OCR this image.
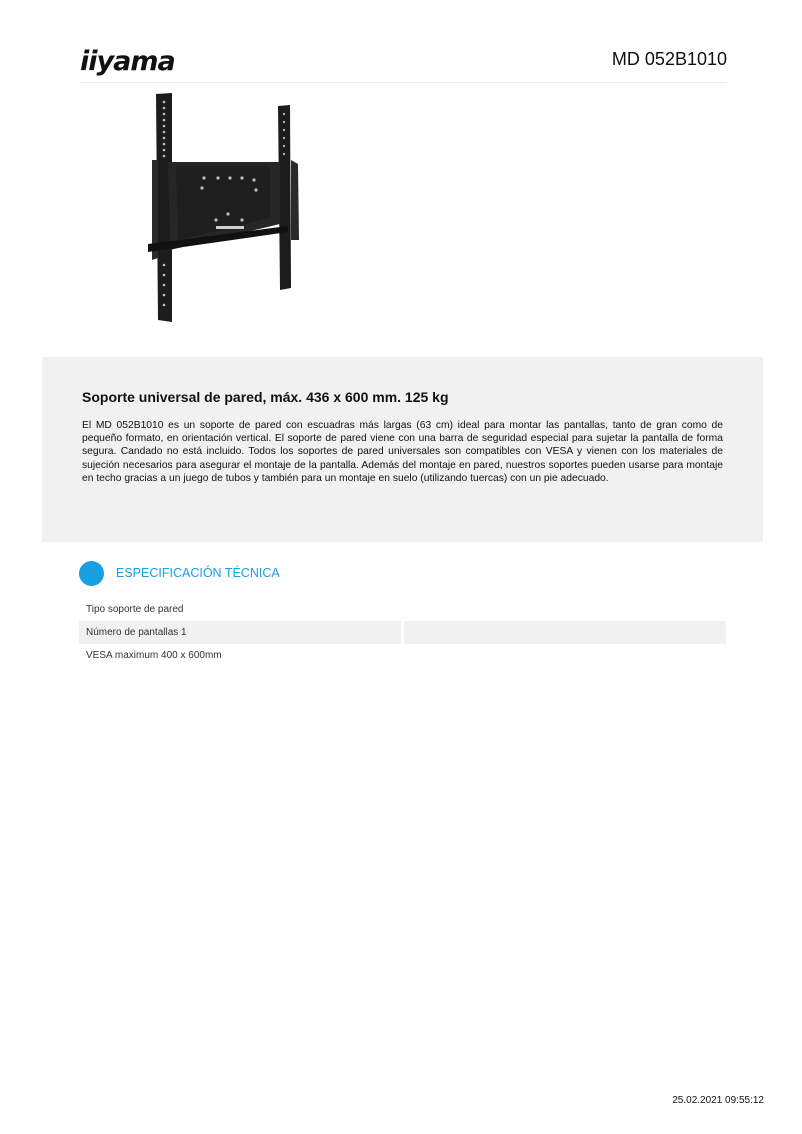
iiyama	MD 052B1010
Soporte universal de pared, máx. 436 x 600 mm. 125 kg
El MD 052B1010 es un soporte de pared con escuadras más largas (63 cm) ideal para montar las pantallas, tanto de gran como de pequeño formato, en orientación vertical. El soporte de pared viene con una barra de seguridad especial para sujetar la pantalla de forma segura. Candado no está incluido. Todos los soportes de pared universales son compatibles con VESA y vienen con los materiales de sujeción necesarios para asegurar el montaje de la pantalla. Además del montaje en pared, nuestros soportes pueden usarse para montaje en techo gracias a un juego de tubos y también para un montaje en suelo (utilizando tuercas) con un pie adecuado.
ESPECIFICACIÓN TÉCNICA
Tipo soporte de pared
Número de pantallas 1
VESA maximum 400 x 600mm
25.02.2021 09:55:12
